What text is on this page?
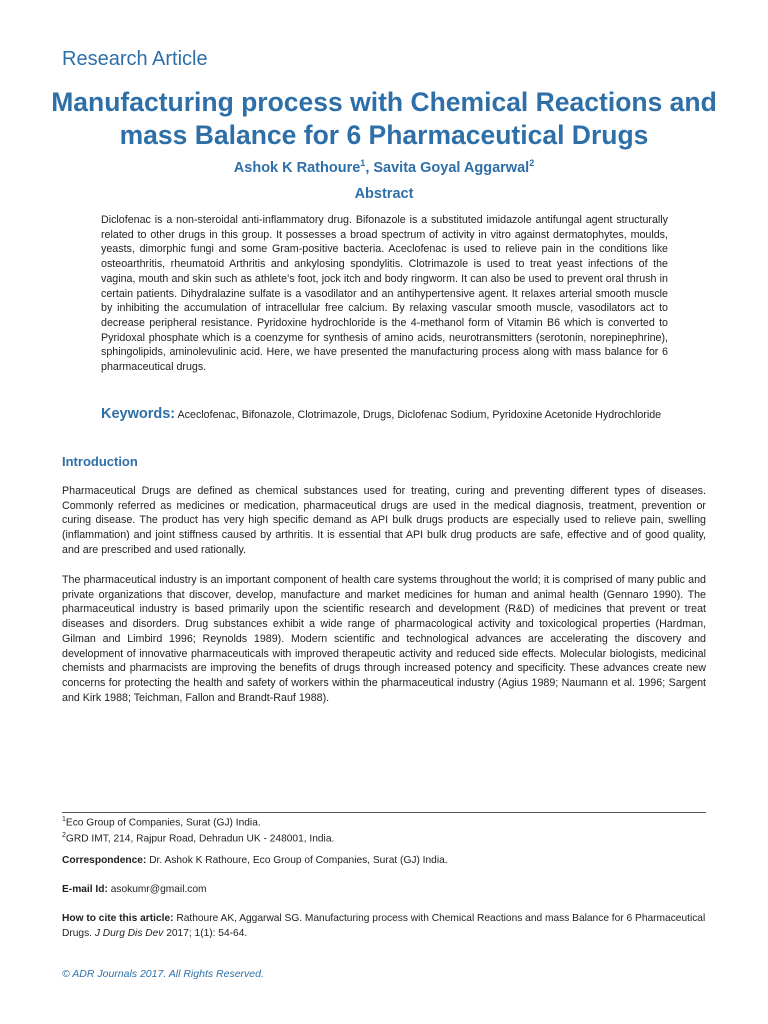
Research Article
Manufacturing process with Chemical Reactions and mass Balance for 6 Pharmaceutical Drugs
Ashok K Rathoure$^1$, Savita Goyal Aggarwal$^2$
Abstract

Diclofenac is a non-steroidal anti-inflammatory drug. Bifonazole is a substituted imidazole antifungal agent structurally related to other drugs in this group. It possesses a broad spectrum of activity in vitro against dermatophytes, moulds, yeasts, dimorphic fungi and some Gram-positive bacteria. Aceclofenac is used to relieve pain in the conditions like osteoarthritis, rheumatoid Arthritis and ankylosing spondylitis. Clotrimazole is used to treat yeast infections of the vagina, mouth and skin such as athlete’s foot, jock itch and body ringworm. It can also be used to prevent oral thrush in certain patients. Dihydralazine sulfate is a vasodilator and an antihypertensive agent. It relaxes arterial smooth muscle by inhibiting the accumulation of intracellular free calcium. By relaxing vascular smooth muscle, vasodilators act to decrease peripheral resistance. Pyridoxine hydrochloride is the 4-methanol form of Vitamin B6 which is converted to Pyridoxal phosphate which is a coenzyme for synthesis of amino acids, neurotransmitters (serotonin, norepinephrine), sphingolipids, aminolevulinic acid. Here, we have presented the manufacturing process along with mass balance for 6 pharmaceutical drugs.

Keywords: Aceclofenac, Bifonazole, Clotrimazole, Drugs, Diclofenac Sodium, Pyridoxine Acetonide Hydrochloride
Introduction

Pharmaceutical Drugs are defined as chemical substances used for treating, curing and preventing different types of diseases. Commonly referred as medicines or medication, pharmaceutical drugs are used in the medical diagnosis, treatment, prevention or curing disease. The product has very high specific demand as API bulk drugs products are especially used to relieve pain, swelling (inflammation) and joint stiffness caused by arthritis. It is essential that API bulk drug products are safe, effective and of good quality, and are prescribed and used rationally.

The pharmaceutical industry is an important component of health care systems throughout the world; it is comprised of many public and private organizations that discover, develop, manufacture and market medicines for human and animal health (Gennaro 1990). The pharmaceutical industry is based primarily upon the scientific research and development (R&D) of medicines that prevent or treat diseases and disorders. Drug substances exhibit a wide range of pharmacological activity and toxicological properties (Hardman, Gilman and Limbird 1996; Reynolds 1989). Modern scientific and technological advances are accelerating the discovery and development of innovative pharmaceuticals with improved therapeutic activity and reduced side effects. Molecular biologists, medicinal chemists and pharmacists are improving the benefits of drugs through increased potency and specificity. These advances create new concerns for protecting the health and safety of workers within the pharmaceutical industry (Agius 1989; Naumann et al. 1996; Sargent and Kirk 1988; Teichman, Fallon and Brandt-Rauf 1988).

$^1$Eco Group of Companies, Surat (GJ) India.

$^2$GRD IMT, 214, Rajpur Road, Dehradun UK - 248001, India.

Correspondence: Dr. Ashok K Rathoure, Eco Group of Companies, Surat (GJ) India.

E-mail Id: asokumr@gmail.com

How to cite this article: Rathoure AK, Aggarwal SG. Manufacturing process with Chemical Reactions and mass Balance for 6 Pharmaceutical Drugs. J Durg Dis Dev 2017; 1(1): 54-64.

© ADR Journals 2017. All Rights Reserved.
